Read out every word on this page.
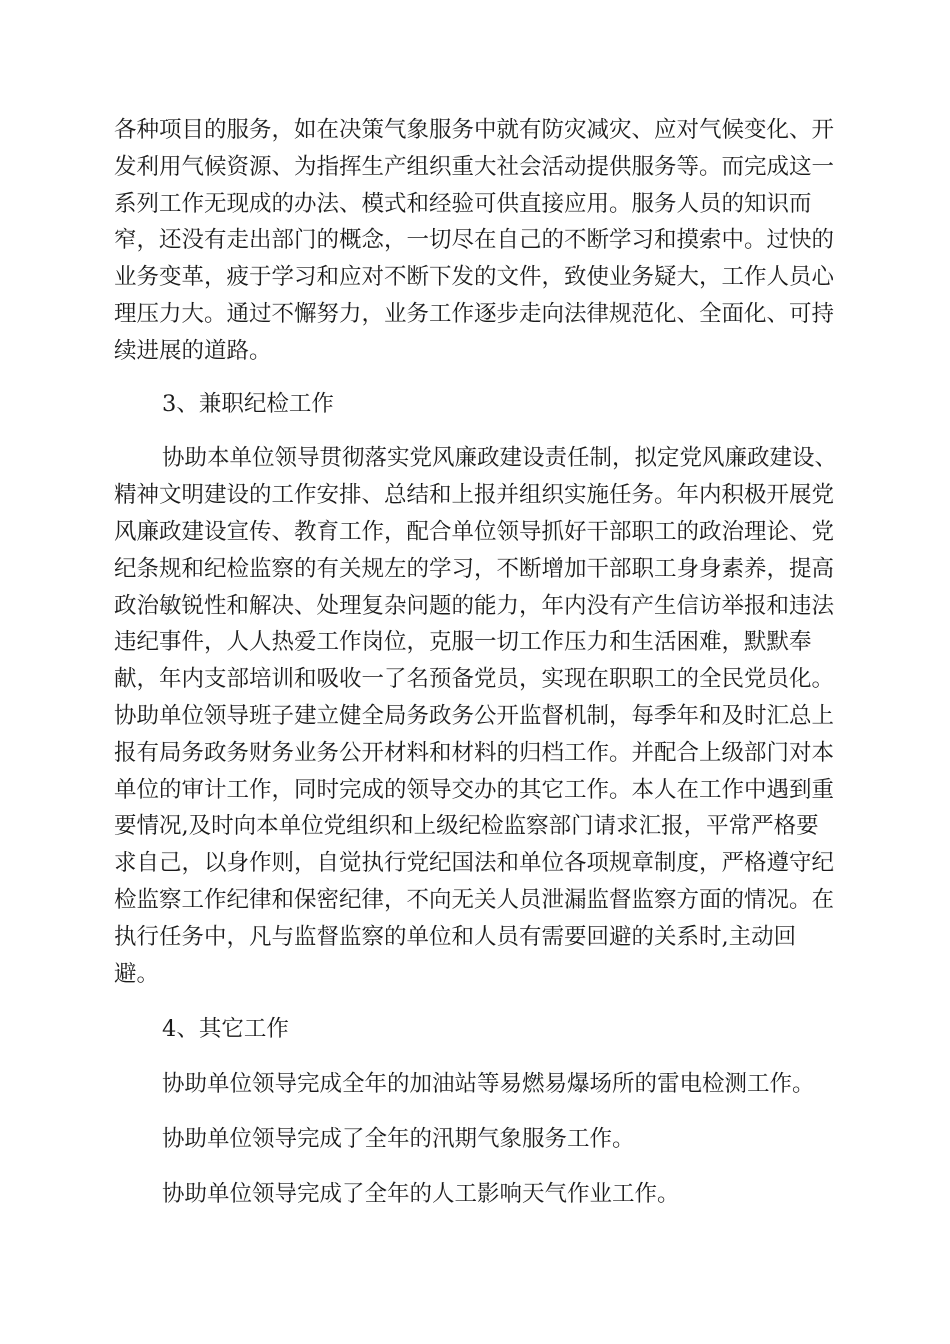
各种项目的服务，如在决策气象服务中就有防灾减灾、应对气候变化、开
发利用气候资源、为指挥生产组织重大社会活动提供服务等。而完成这一
系列工作无现成的办法、模式和经验可供直接应用。服务人员的知识而
窄，还没有走出部门的概念，一切尽在自己的不断学习和摸索中。过快的
业务变革，疲于学习和应对不断下发的文件，致使业务疑大，工作人员心
理压力大。通过不懈努力，业务工作逐步走向法律规范化、全面化、可持
续进展的道路。
3、兼职纪检工作
协助本单位领导贯彻落实党风廉政建设责任制，拟定党风廉政建设、
精神文明建设的工作安排、总结和上报并组织实施任务。年内积极开展党
风廉政建设宣传、教育工作，配合单位领导抓好干部职工的政治理论、党
纪条规和纪检监察的有关规左的学习，不断增加干部职工身身素养，提高
政治敏锐性和解决、处理复杂问题的能力，年内没有产生信访举报和违法
违纪事件，人人热爱工作岗位，克服一切工作压力和生活困难，默默奉
献，年内支部培训和吸收一了名预备党员，实现在职职工的全民党员化。
协助单位领导班子建立健全局务政务公开监督机制，每季年和及时汇总上
报有局务政务财务业务公开材料和材料的归档工作。并配合上级部门对本
单位的审计工作，同时完成的领导交办的其它工作。本人在工作中遇到重
要情况,及时向本单位党组织和上级纪检监察部门请求汇报，平常严格要
求自己，以身作则，自觉执行党纪国法和单位各项规章制度，严格遵守纪
检监察工作纪律和保密纪律，不向无关人员泄漏监督监察方面的情况。在
执行任务中，凡与监督监察的单位和人员有需要回避的关系时,主动回
避。
4、其它工作
协助单位领导完成全年的加油站等易燃易爆场所的雷电检测工作。
协助单位领导完成了全年的汛期气象服务工作。
协助单位领导完成了全年的人工影响天气作业工作。
